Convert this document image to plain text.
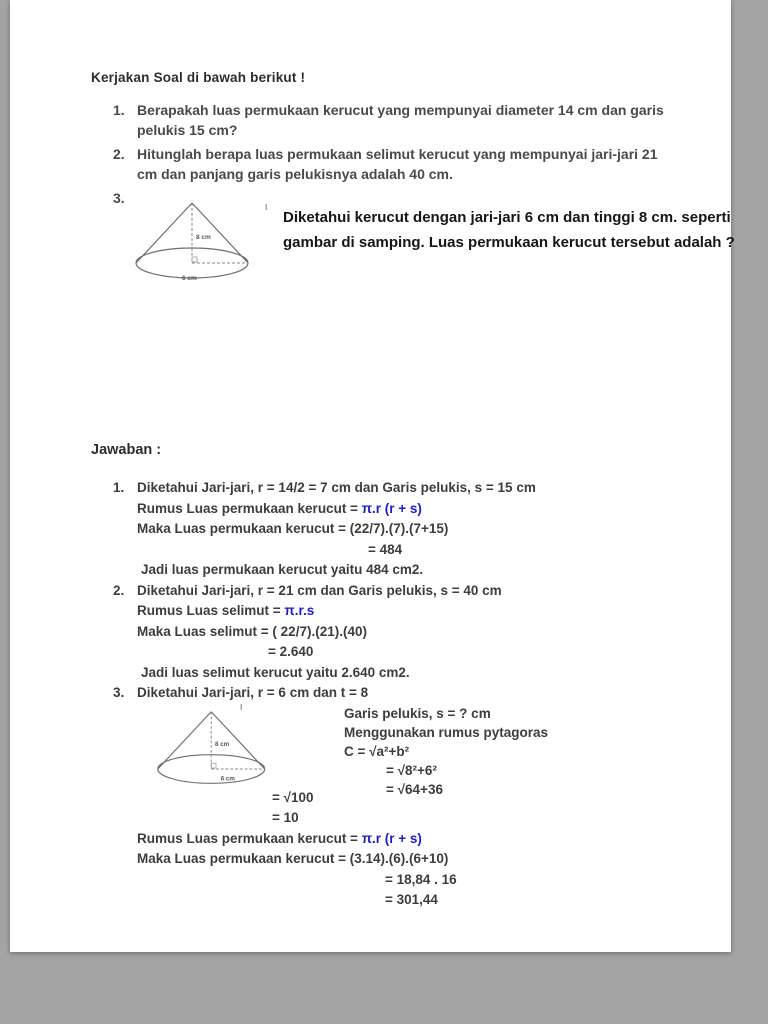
Kerjakan Soal di bawah berikut !
1. Berapakah luas permukaan kerucut yang mempunyai diameter 14 cm dan garis pelukis 15 cm?
2. Hitunglah berapa luas permukaan selimut kerucut yang mempunyai jari-jari 21 cm dan panjang garis pelukisnya adalah 40 cm.
3.
I
8 cm
6 cm
Diketahui kerucut dengan jari-jari 6 cm dan tinggi 8 cm. seperti gambar di samping. Luas permukaan kerucut tersebut adalah ?
Jawaban :
1. Diketahui Jari-jari, r = 14/2 = 7 cm dan Garis pelukis, s = 15 cm
Rumus Luas permukaan kerucut = π.r (r + s)
Maka Luas permukaan kerucut = (22/7).(7).(7+15)
= 484
Jadi luas permukaan kerucut yaitu 484 cm2.
2. Diketahui Jari-jari, r = 21 cm dan Garis pelukis, s = 40 cm
Rumus Luas selimut = π.r.s
Maka Luas selimut = ( 22/7).(21).(40)
= 2.640
Jadi luas selimut kerucut yaitu 2.640 cm2.
3. Diketahui Jari-jari, r = 6 cm dan t = 8
I
8 cm
6 cm
Garis pelukis, s = ? cm
Menggunakan rumus pytagoras
C = √a²+b²
= √8²+6²
= √64+36
= √100
= 10
Rumus Luas permukaan kerucut = π.r (r + s)
Maka Luas permukaan kerucut = (3.14).(6).(6+10)
= 18,84 . 16
= 301,44
